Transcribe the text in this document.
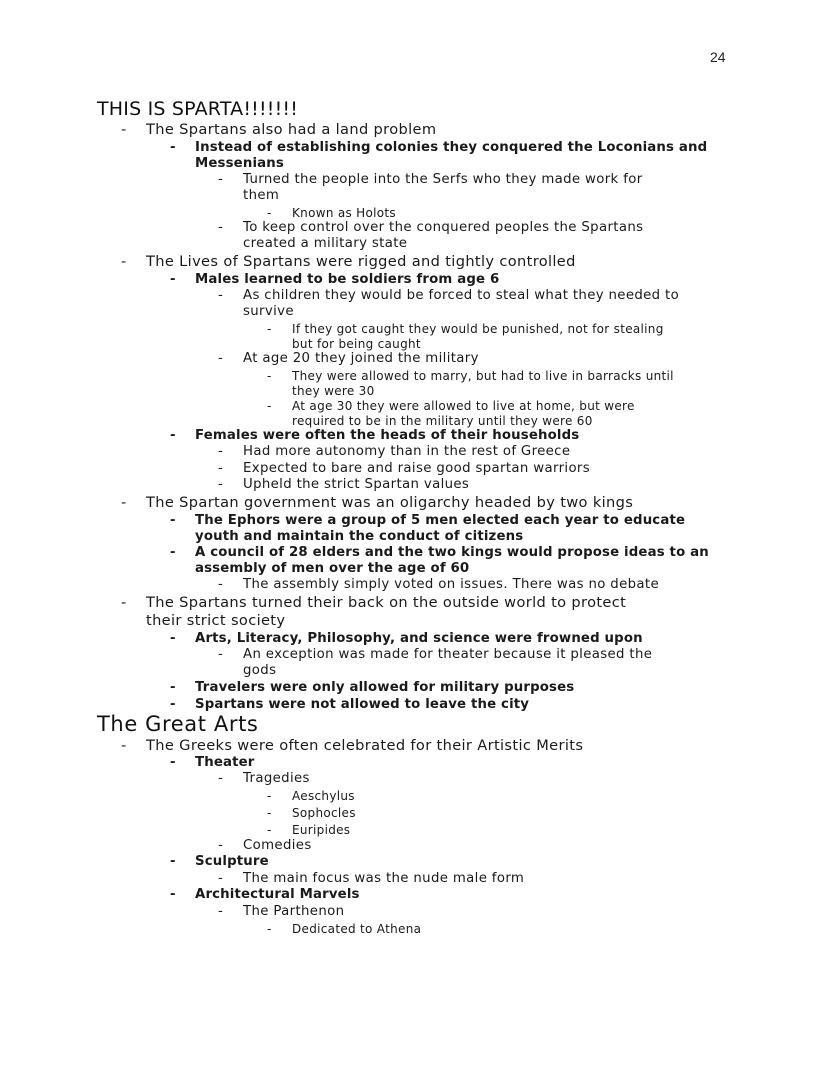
24
THIS IS SPARTA!!!!!!!
- The Spartans also had a land problem
- Instead of establishing colonies they conquered the Loconians and
Messenians
- Turned the people into the Serfs who they made work for
them
- Known as Holots
- To keep control over the conquered peoples the Spartans
created a military state
- The Lives of Spartans were rigged and tightly controlled
- Males learned to be soldiers from age 6
- As children they would be forced to steal what they needed to
survive
- If they got caught they would be punished, not for stealing
but for being caught
- At age 20 they joined the military
- They were allowed to marry, but had to live in barracks until
they were 30
- At age 30 they were allowed to live at home, but were
required to be in the military until they were 60
- Females were often the heads of their households
- Had more autonomy than in the rest of Greece
- Expected to bare and raise good spartan warriors
- Upheld the strict Spartan values
- The Spartan government was an oligarchy headed by two kings
- The Ephors were a group of 5 men elected each year to educate
youth and maintain the conduct of citizens
- A council of 28 elders and the two kings would propose ideas to an
assembly of men over the age of 60
- The assembly simply voted on issues. There was no debate
- The Spartans turned their back on the outside world to protect
their strict society
- Arts, Literacy, Philosophy, and science were frowned upon
- An exception was made for theater because it pleased the
gods
- Travelers were only allowed for military purposes
- Spartans were not allowed to leave the city
The Great Arts
- The Greeks were often celebrated for their Artistic Merits
- Theater
- Tragedies
- Aeschylus
- Sophocles
- Euripides
- Comedies
- Sculpture
- The main focus was the nude male form
- Architectural Marvels
- The Parthenon
- Dedicated to Athena
